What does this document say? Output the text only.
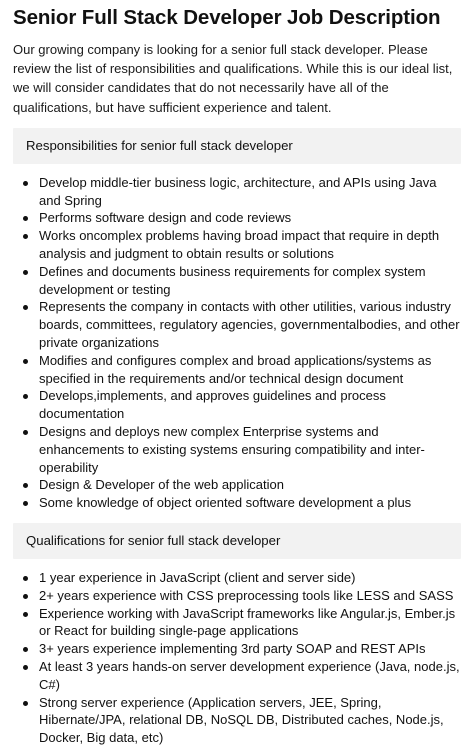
Senior Full Stack Developer Job Description

Our growing company is looking for a senior full stack developer. Please review the list of responsibilities and qualifications. While this is our ideal list, we will consider candidates that do not necessarily have all of the qualifications, but have sufficient experience and talent.

Responsibilities for senior full stack developer
Develop middle-tier business logic, architecture, and APIs using Java and Spring
Performs software design and code reviews
Works oncomplex problems having broad impact that require in depth analysis and judgment to obtain results or solutions
Defines and documents business requirements for complex system development or testing
Represents the company in contacts with other utilities, various industry boards, committees, regulatory agencies, governmentalbodies, and other private organizations
Modifies and configures complex and broad applications/systems as specified in the requirements and/or technical design document
Develops,implements, and approves guidelines and process documentation
Designs and deploys new complex Enterprise systems and enhancements to existing systems ensuring compatibility and inter-operability
Design & Developer of the web application
Some knowledge of object oriented software development a plus
Qualifications for senior full stack developer
1 year experience in JavaScript (client and server side)
2+ years experience with CSS preprocessing tools like LESS and SASS
Experience working with JavaScript frameworks like Angular.js, Ember.js or React for building single-page applications
3+ years experience implementing 3rd party SOAP and REST APIs
At least 3 years hands-on server development experience (Java, node.js, C#)
Strong server experience (Application servers, JEE, Spring, Hibernate/JPA, relational DB, NoSQL DB, Distributed caches, Node.js, Docker, Big data, etc)
